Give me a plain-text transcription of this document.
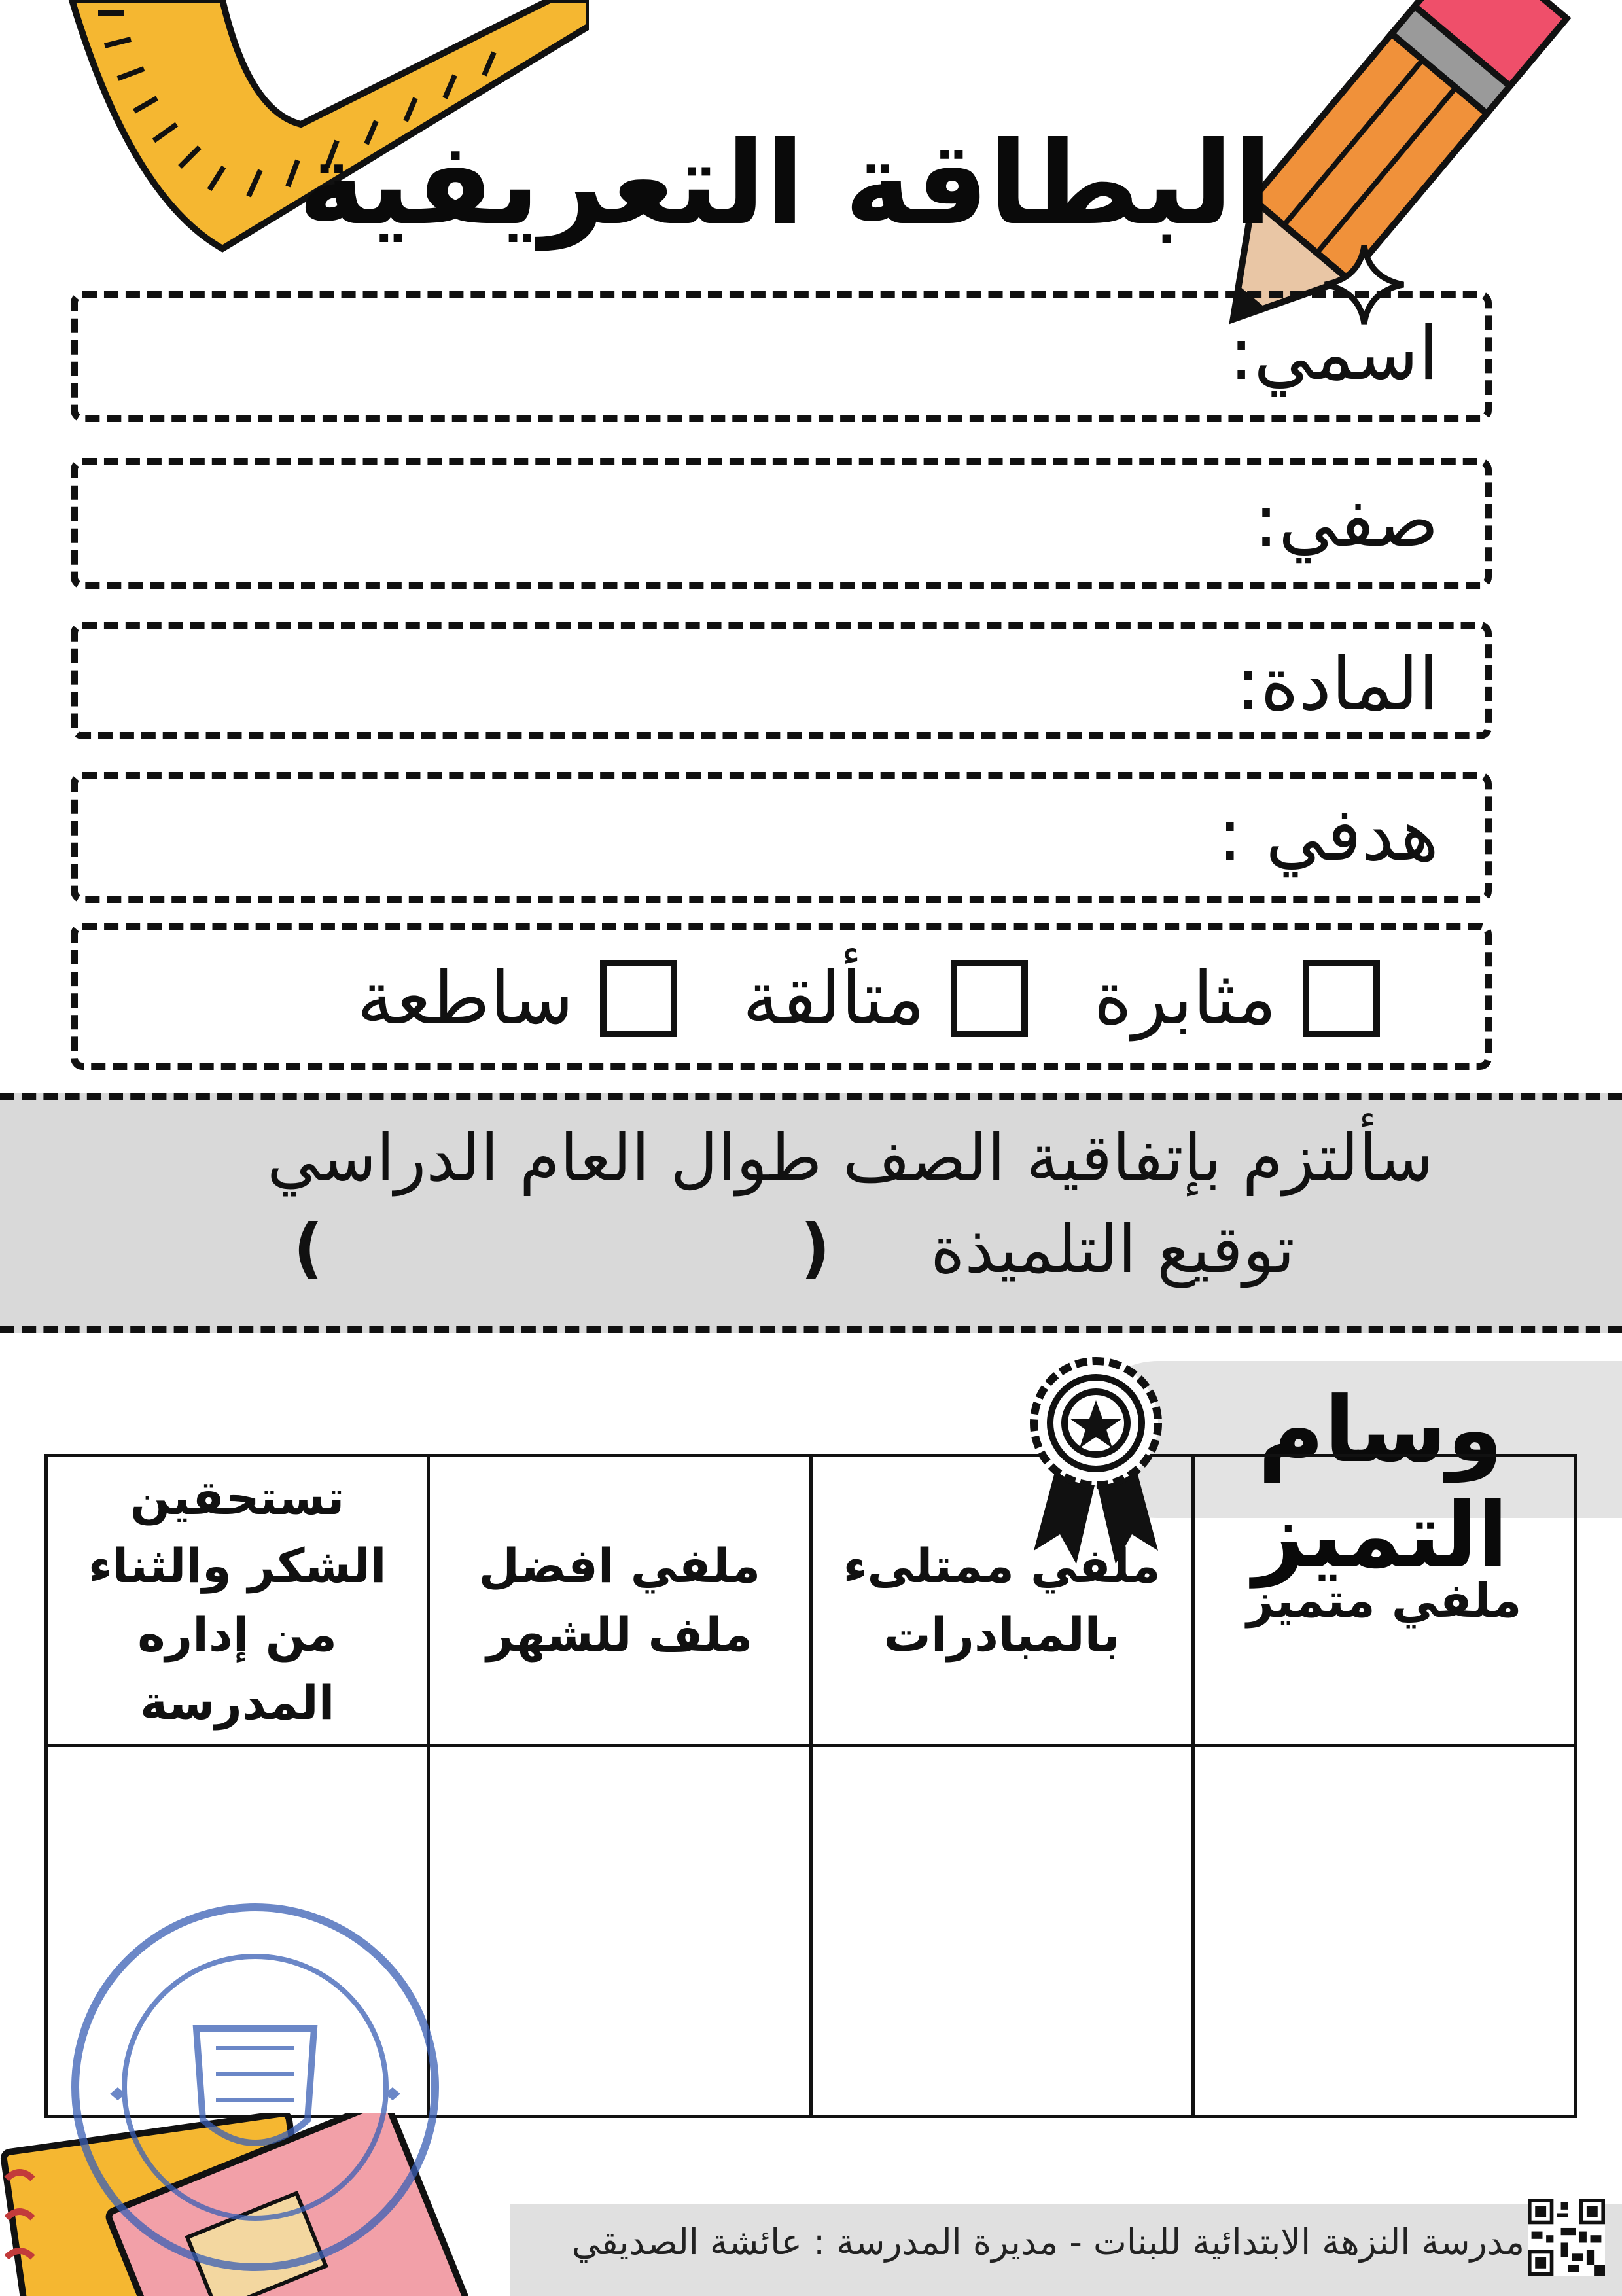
البطاقة التعريفية
اسمي:
صفي:
المادة:
هدفي :
مثابرة
متألقة
ساطعة
سألتزم بإتفاقية الصف طوال العام الدراسي
توقيع التلميذة
(
)
وسام التميز
ملفي متميز	ملفي ممتلىء بالمبادرات	ملفي افضل ملف للشهر	تستحقين الشكر والثناء من إداره المدرسة

مدرسة النزهة الابتدائية للبنات - مديرة المدرسة : عائشة الصديقي
